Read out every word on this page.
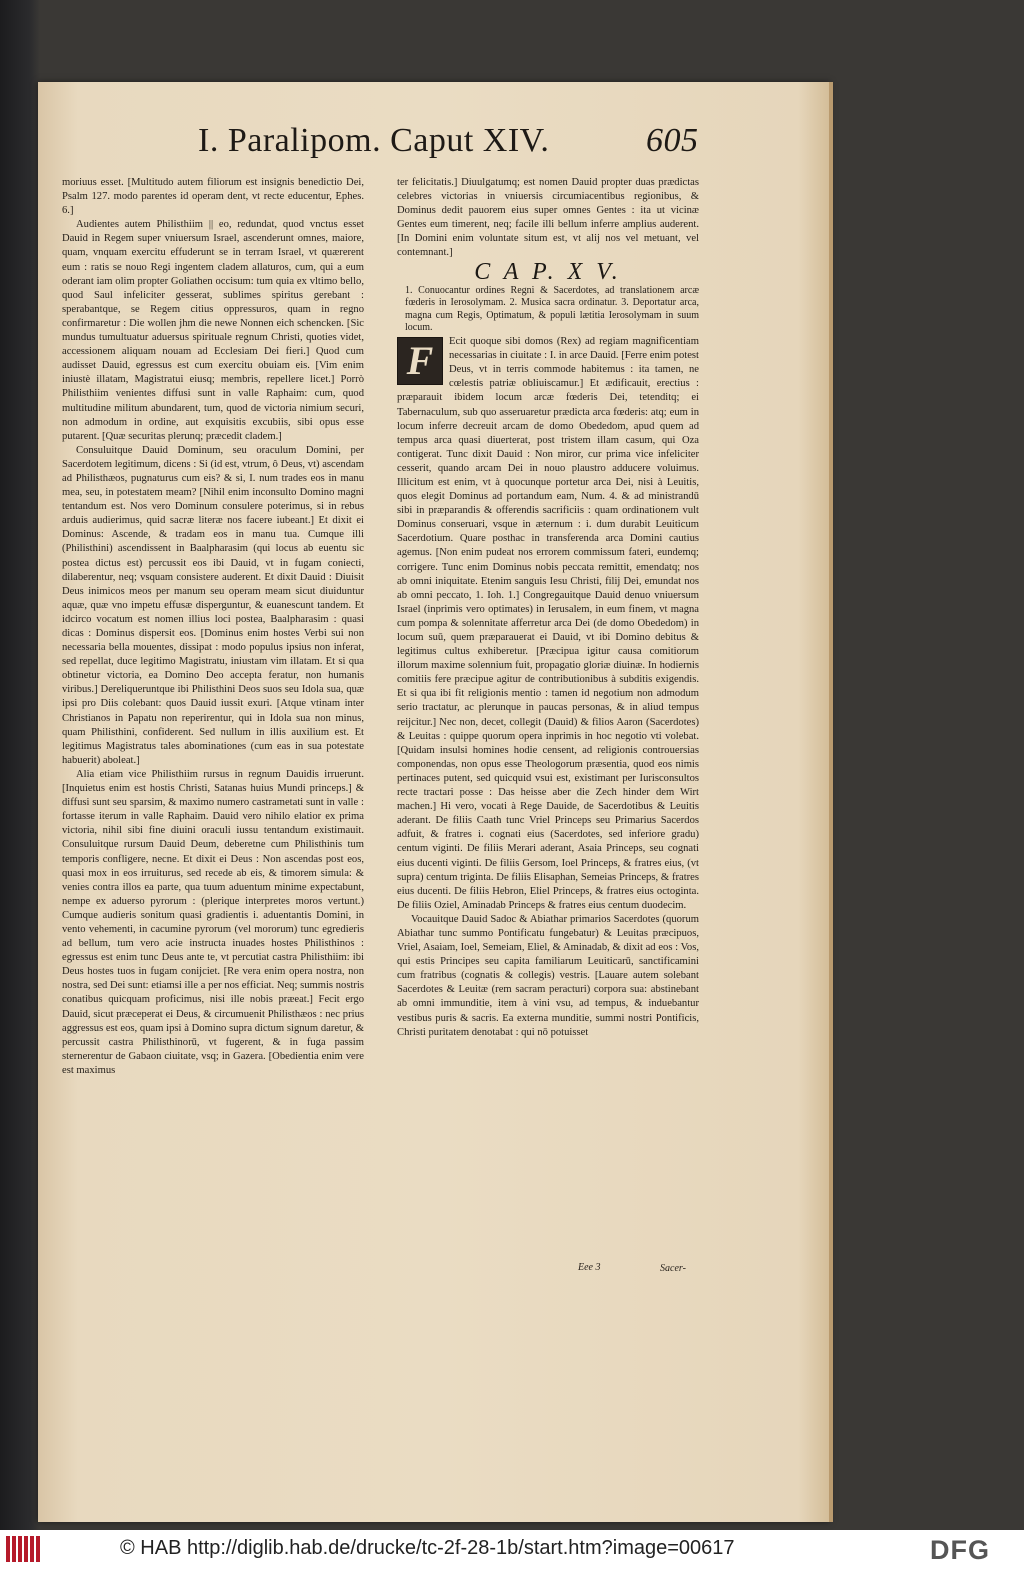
I. Paralipom. Caput XIV.	605

moriuus esset. [Multitudo autem filiorum est insignis benedictio Dei, Psalm 127. modo parentes id operam dent, vt recte educentur, Ephes. 6.]

Audientes autem Philisthiim || eo, redundat, quod vnctus esset Dauid in Regem super vniuersum Israel, ascenderunt omnes, maiore, quam, vnquam exercitu effuderunt se in terram Israel, vt quærerent eum : ratis se nouo Regi ingentem cladem allaturos, cum, qui a eum oderant iam olim propter Goliathen occisum: tum quia ex vltimo bello, quod Saul infeliciter gesserat, sublimes spiritus gerebant : sperabantque, se Regem citius oppressuros, quam in regno confirmaretur : Die wollen jhm die newe Nonnen eich schencken. [Sic mundus tumultuatur aduersus spirituale regnum Christi, quoties videt, accessionem aliquam nouam ad Ecclesiam Dei fieri.] Quod cum audisset Dauid, egressus est cum exercitu obuiam eis. [Vim enim iniustè illatam, Magistratui eiusq; membris, repellere licet.] Porrò Philisthiim venientes diffusi sunt in valle Raphaim: cum, quod multitudine militum abundarent, tum, quod de victoria nimium securi, non admodum in ordine, aut exquisitis excubiis, sibi opus esse putarent. [Quæ securitas plerunq; præcedit cladem.]

Consuluitque Dauid Dominum, seu oraculum Domini, per Sacerdotem legitimum, dicens : Si (id est, vtrum, ô Deus, vt) ascendam ad Philisthæos, pugnaturus cum eis? & si, I. num trades eos in manu mea, seu, in potestatem meam? [Nihil enim inconsulto Domino magni tentandum est. Nos vero Dominum consulere poterimus, si in rebus arduis audierimus, quid sacræ literæ nos facere iubeant.] Et dixit ei Dominus: Ascende, & tradam eos in manu tua. Cumque illi (Philisthini) ascendissent in Baalpharasim (qui locus ab euentu sic postea dictus est) percussit eos ibi Dauid, vt in fugam coniecti, dilaberentur, neq; vsquam consistere auderent. Et dixit Dauid : Diuisit Deus inimicos meos per manum seu operam meam sicut diuiduntur aquæ, quæ vno impetu effusæ disperguntur, & euanescunt tandem. Et idcirco vocatum est nomen illius loci postea, Baalpharasim : quasi dicas : Dominus dispersit eos. [Dominus enim hostes Verbi sui non necessaria bella mouentes, dissipat : modo populus ipsius non inferat, sed repellat, duce legitimo Magistratu, iniustam vim illatam. Et si qua obtinetur victoria, ea Domino Deo accepta feratur, non humanis viribus.] Dereliqueruntque ibi Philisthini Deos suos seu Idola sua, quæ ipsi pro Diis colebant: quos Dauid iussit exuri. [Atque vtinam inter Christianos in Papatu non reperirentur, qui in Idola sua non minus, quam Philisthini, confiderent. Sed nullum in illis auxilium est. Et legitimus Magistratus tales abominationes (cum eas in sua potestate habuerit) aboleat.]

Alia etiam vice Philisthiim rursus in regnum Dauidis irruerunt. [Inquietus enim est hostis Christi, Satanas huius Mundi princeps.] & diffusi sunt seu sparsim, & maximo numero castrametati sunt in valle : fortasse iterum in valle Raphaim. Dauid vero nihilo elatior ex prima victoria, nihil sibi fine diuini oraculi iussu tentandum existimauit. Consuluitque rursum Dauid Deum, deberetne cum Philisthinis tum temporis confligere, necne. Et dixit ei Deus : Non ascendas post eos, quasi mox in eos irruiturus, sed recede ab eis, & timorem simula: & venies contra illos ea parte, qua tuum aduentum minime expectabunt, nempe ex aduerso pyrorum : (plerique interpretes moros vertunt.) Cumque audieris sonitum quasi gradientis i. aduentantis Domini, in vento vehementi, in cacumine pyrorum (vel mororum) tunc egredieris ad bellum, tum vero acie instructa inuades hostes Philisthinos : egressus est enim tunc Deus ante te, vt percutiat castra Philisthiim: ibi Deus hostes tuos in fugam conijciet. [Re vera enim opera nostra, non nostra, sed Dei sunt: etiamsi ille a per nos efficiat. Neq; summis nostris conatibus quicquam proficimus, nisi ille nobis præeat.] Fecit ergo Dauid, sicut præceperat ei Deus, & circumuenit Philisthæos : nec prius aggressus est eos, quam ipsi à Domino supra dictum signum daretur, & percussit castra Philisthinorū, vt fugerent, & in fuga passim sternerentur de Gabaon ciuitate, vsq; in Gazera. [Obedientia enim vere est maximus

ter felicitatis.] Diuulgatumq; est nomen Dauid propter duas prædictas celebres victorias in vniuersis circumiacentibus regionibus, & Dominus dedit pauorem eius super omnes Gentes : ita ut vicinæ Gentes eum timerent, neq; facile illi bellum inferre amplius auderent. [In Domini enim voluntate situm est, vt alij nos vel metuant, vel contemnant.]

C A P. X V.

1. Conuocantur ordines Regni & Sacerdotes, ad translationem arcæ fœderis in Ierosolymam. 2. Musica sacra ordinatur. 3. Deportatur arca, magna cum Regis, Optimatum, & populi lætitia Ierosolymam in suum locum.

F	Ecit quoque sibi domos (Rex) ad regiam magnificentiam necessarias in ciuitate : I. in arce Dauid. [Ferre enim potest Deus, vt in terris commode habitemus : ita tamen, ne cœlestis patriæ obliuiscamur.] Et ædificauit, erectius : præparauit ibidem locum arcæ fœderis Dei, tetenditq; ei Tabernaculum, sub quo asseruaretur prædicta arca fœderis: atq; eum in locum inferre decreuit arcam de domo Obededom, apud quem ad tempus arca quasi diuerterat, post tristem illam casum, qui Oza contigerat. Tunc dixit Dauid : Non miror, cur prima vice infeliciter cesserit, quando arcam Dei in nouo plaustro adducere voluimus. Illicitum est enim, vt à quocunque portetur arca Dei, nisi à Leuitis, quos elegit Dominus ad portandum eam, Num. 4. & ad ministrandū sibi in præparandis & offerendis sacrificiis : quam ordinationem vult Dominus conseruari, vsque in æternum : i. dum durabit Leuiticum Sacerdotium. Quare posthac in transferenda arca Domini cautius agemus. [Non enim pudeat nos errorem commissum fateri, eundemq; corrigere. Tunc enim Dominus nobis peccata remittit, emendatq; nos ab omni iniquitate. Etenim sanguis Iesu Christi, filij Dei, emundat nos ab omni peccato, 1. Ioh. 1.] Congregauitque Dauid denuo vniuersum Israel (inprimis vero optimates) in Ierusalem, in eum finem, vt magna cum pompa & solennitate afferretur arca Dei (de domo Obededom) in locum suū, quem præparauerat ei Dauid, vt ibi Domino debitus & legitimus cultus exhiberetur. [Præcipua igitur causa comitiorum illorum maxime solennium fuit, propagatio gloriæ diuinæ. In hodiernis comitiis fere præcipue agitur de contributionibus à subditis exigendis. Et si qua ibi fit religionis mentio : tamen id negotium non admodum serio tractatur, ac plerunque in paucas personas, & in aliud tempus reijcitur.] Nec non, decet, collegit (Dauid) & filios Aaron (Sacerdotes) & Leuitas : quippe quorum opera inprimis in hoc negotio vti volebat. [Quidam insulsi homines hodie censent, ad religionis controuersias componendas, non opus esse Theologorum præsentia, quod eos nimis pertinaces putent, sed quicquid vsui est, existimant per Iurisconsultos recte tractari posse : Das heisse aber die Zech hinder dem Wirt machen.] Hi vero, vocati à Rege Dauide, de Sacerdotibus & Leuitis aderant. De filiis Caath tunc Vriel Princeps seu Primarius Sacerdos adfuit, & fratres i. cognati eius (Sacerdotes, sed inferiore gradu) centum viginti. De filiis Merari aderant, Asaia Princeps, seu cognati eius ducenti viginti. De filiis Gersom, Ioel Princeps, & fratres eius, (vt supra) centum triginta. De filiis Elisaphan, Semeias Princeps, & fratres eius ducenti. De filiis Hebron, Eliel Princeps, & fratres eius octoginta. De filiis Oziel, Aminadab Princeps & fratres eius centum duodecim.

Vocauitque Dauid Sadoc & Abiathar primarios Sacerdotes (quorum Abiathar tunc summo Pontificatu fungebatur) & Leuitas præcipuos, Vriel, Asaiam, Ioel, Semeiam, Eliel, & Aminadab, & dixit ad eos : Vos, qui estis Principes seu capita familiarum Leuiticarū, sanctificamini cum fratribus (cognatis & collegis) vestris. [Lauare autem solebant Sacerdotes & Leuitæ (rem sacram peracturi) corpora sua: abstinebant ab omni immunditie, item à vini vsu, ad tempus, & induebantur vestibus puris & sacris. Ea externa munditie, summi nostri Pontificis, Christi puritatem denotabat : qui nō potuisset

Eee 3	Sacer-
© HAB http://diglib.hab.de/drucke/tc-2f-28-1b/start.htm?image=00617	DFG
